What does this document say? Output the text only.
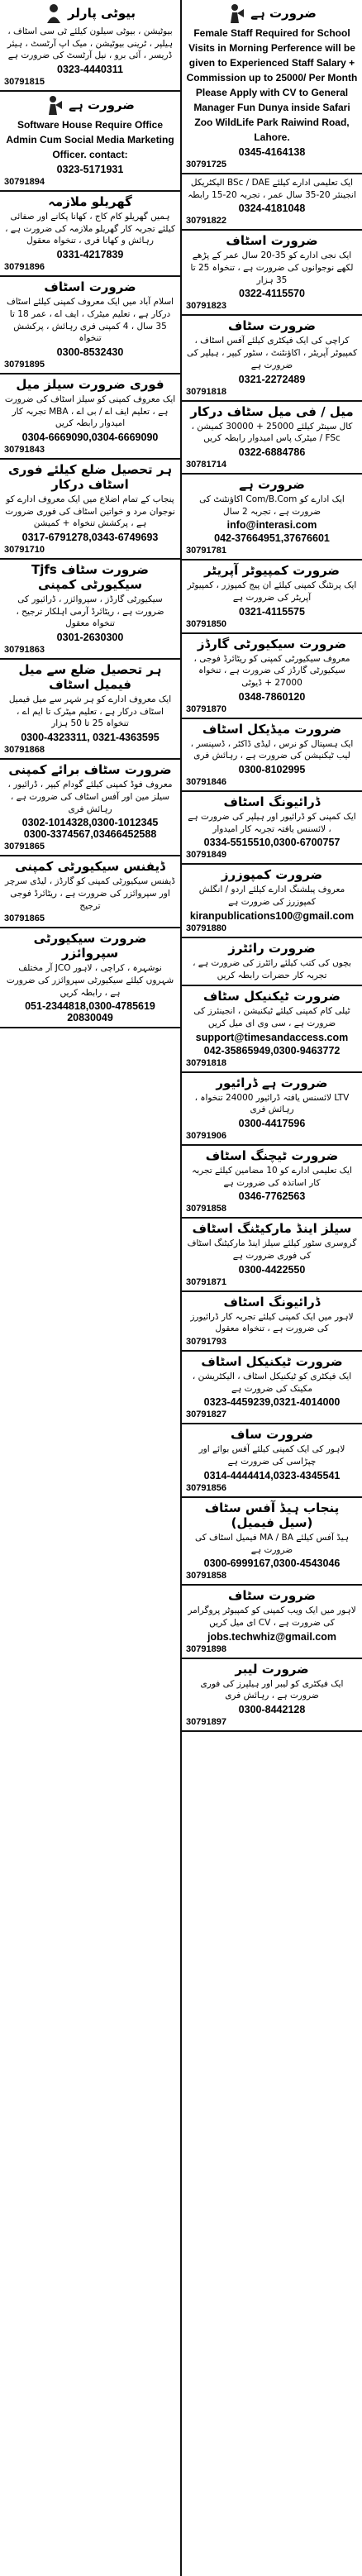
بیوٹی پارلر
بیوٹیشن ، بیوٹی سیلون کیلئے ٹی سی اسٹاف ، ہیلپر ، ٹرینی بیوٹیشن ، میک اپ آرٹسٹ ، ہیئر ڈریسر ، آئی برو ، نیل آرٹسٹ کی ضرورت ہے
0323-4440311
30791815
ضرورت ہے
Software House Require Office Admin Cum Social Media Marketing Officer. contact:
0323-5171931
30791894
گھریلو ملازمہ
ہمیں گھریلو کام کاج ، کھانا پکانے اور صفائی کیلئے تجربہ کار گھریلو ملازمہ کی ضرورت ہے ، رہائش و کھانا فری ، تنخواہ معقول
0331-4217839
30791896
ضرورت اسٹاف
اسلام آباد میں ایک معروف کمپنی کیلئے اسٹاف درکار ہے ، تعلیم میٹرک ، ایف اے ، عمر 18 تا 35 سال ، 4 کمپنی فری رہائش ، پرکشش تنخواہ
0300-8532430
30791895
فوری ضرورت سیلز میل
ایک معروف کمپنی کو سیلز اسٹاف کی ضرورت ہے ، تعلیم ایف اے / بی اے ، MBA تجربہ کار امیدوار رابطہ کریں
0304-6669090,0304-6669090
30791843
ہر تحصیل ضلع کیلئے فوری اسٹاف درکار
پنجاب کے تمام اضلاع میں ایک معروف ادارے کو نوجوان مرد و خواتین اسٹاف کی فوری ضرورت ہے ، پرکشش تنخواہ + کمیشن
0317-6791278,0343-6749693
30791710
ضرورت سٹاف Tjfs سیکیورٹی کمپنی
سیکیورٹی گارڈز ، سپروائزر ، ڈرائیور کی ضرورت ہے ، ریٹائرڈ آرمی اہلکار ترجیح ، تنخواہ معقول
0301-2630300
30791863
ہر تحصیل ضلع سے میل فیمیل اسٹاف
ایک معروف ادارے کو ہر شہر سے میل فیمیل اسٹاف درکار ہے ، تعلیم میٹرک تا ایم اے ، تنخواہ 25 تا 50 ہزار
0300-4323311, 0321-4363595
30791868
ضرورت سٹاف برائے کمپنی
معروف فوڈ کمپنی کیلئے گودام کیپر ، ڈرائیور ، سیلز مین اور آفس اسٹاف کی ضرورت ہے ، رہائش فری
0302-1014328,0300-1012345
0300-3374567,03466452588
30791865
ڈیفنس سیکیورٹی کمپنی
ڈیفنس سیکیورٹی کمپنی کو گارڈز ، لیڈی سرچر اور سپروائزر کی ضرورت ہے ، ریٹائرڈ فوجی ترجیح
30791865
ضرورت سیکیورٹی سپروائزر
نوشہرہ ، کراچی ، لاہور JCO آر مختلف شہروں کیلئے سیکیورٹی سپروائزر کی ضرورت ہے ، رابطہ کریں
051-2344818,0300-4785619
20830049
ضرورت ہے
Female Staff Required for School Visits in Morning Perference will be given to Experienced Staff Salary + Commission up to 25000/ Per Month Please Apply with CV to General Manager Fun Dunya inside Safari Zoo WildLife Park Raiwind Road, Lahore.
0345-4164138
30791725
ایک تعلیمی ادارے کیلئے BSc / DAE الیکٹریکل انجینئر 20-35 سال عمر ، تجربہ 20-15 رابطہ
0324-4181048
30791822
ضرورت اسٹاف
ایک نجی ادارے کو 35-20 سال عمر کے پڑھے لکھے نوجوانوں کی ضرورت ہے ، تنخواہ 25 تا 35 ہزار
0322-4115570
30791823
ضرورت سٹاف
کراچی کی ایک فیکٹری کیلئے آفس اسٹاف ، کمپیوٹر آپریٹر ، اکاؤنٹنٹ ، سٹور کیپر ، ہیلپر کی ضرورت ہے
0321-2272489
30791818
میل / فی میل سٹاف درکار
کال سینٹر کیلئے 25000 + 30000 کمیشن ، FSc / میٹرک پاس امیدوار رابطہ کریں
0322-6884786
30781714
ضرورت ہے
ایک ادارے کو Com/B.Com اکاؤنٹنٹ کی ضرورت ہے ، تجربہ 2 سال
info@interasi.com
042-37664951,37676601
30791781
ضرورت کمپیوٹر آپریٹر
ایک پرنٹنگ کمپنی کیلئے ان پیج کمپوزر ، کمپیوٹر آپریٹر کی ضرورت ہے
0321-4115575
30791850
ضرورت سیکیورٹی گارڈز
معروف سیکیورٹی کمپنی کو ریٹائرڈ فوجی ، سیکیورٹی گارڈز کی ضرورت ہے ، تنخواہ 27000 + ڈیوٹی
0348-7860120
30791870
ضرورت میڈیکل اسٹاف
ایک ہسپتال کو نرس ، لیڈی ڈاکٹر ، ڈسپنسر ، لیب ٹیکنیشن کی ضرورت ہے ، رہائش فری
0300-8102995
30791846
ڈرائیونگ اسٹاف
ایک کمپنی کو ڈرائیور اور ہیلپر کی ضرورت ہے ، لائسنس یافتہ تجربہ کار امیدوار
0334-5515510,0300-6700757
30791849
ضرورت کمپوزرز
معروف پبلشنگ ادارے کیلئے اردو / انگلش کمپوزرز کی ضرورت ہے
kiranpublications100@gmail.com
30791880
ضرورت رائٹرز
بچوں کی کتب کیلئے رائٹرز کی ضرورت ہے ، تجربہ کار حضرات رابطہ کریں
ضرورت ٹیکنیکل سٹاف
ٹیلی کام کمپنی کیلئے ٹیکنیشن ، انجینئرز کی ضرورت ہے ، سی وی ای میل کریں
support@timesandaccess.com
042-35865949,0300-9463772
30791818
ضرورت ہے ڈرائیور
LTV لائسنس یافتہ ڈرائیور 24000 تنخواہ ، رہائش فری
0300-4417596
30791906
ضرورت ٹیچنگ اسٹاف
ایک تعلیمی ادارے کو 10 مضامین کیلئے تجربہ کار اساتذہ کی ضرورت ہے
0346-7762563
30791858
سیلز اینڈ مارکیٹنگ اسٹاف
گروسری سٹور کیلئے سیلز اینڈ مارکیٹنگ اسٹاف کی فوری ضرورت ہے
0300-4422550
30791871
ڈرائیونگ اسٹاف
لاہور میں ایک کمپنی کیلئے تجربہ کار ڈرائیورز کی ضرورت ہے ، تنخواہ معقول
30791793
ضرورت ٹیکنیکل اسٹاف
ایک فیکٹری کو ٹیکنیکل اسٹاف ، الیکٹریشن ، مکینک کی ضرورت ہے
0323-4459239,0321-4014000
30791827
ضرورت ساف
لاہور کی ایک کمپنی کیلئے آفس بوائے اور چپڑاسی کی ضرورت ہے
0314-4444414,0323-4345541
30791856
پنجاب ہیڈ آفس سٹاف (سیل فیمیل)
ہیڈ آفس کیلئے MA / BA فیمیل اسٹاف کی ضرورت ہے
0300-6999167,0300-4543046
30791858
ضرورت سٹاف
لاہور میں ایک ویب کمپنی کو کمپیوٹر پروگرامر کی ضرورت ہے ، CV ای میل کریں
jobs.techwhiz@gmail.com
30791898
ضرورت لیبر
ایک فیکٹری کو لیبر اور ہیلپرز کی فوری ضرورت ہے ، رہائش فری
0300-8442128
30791897
